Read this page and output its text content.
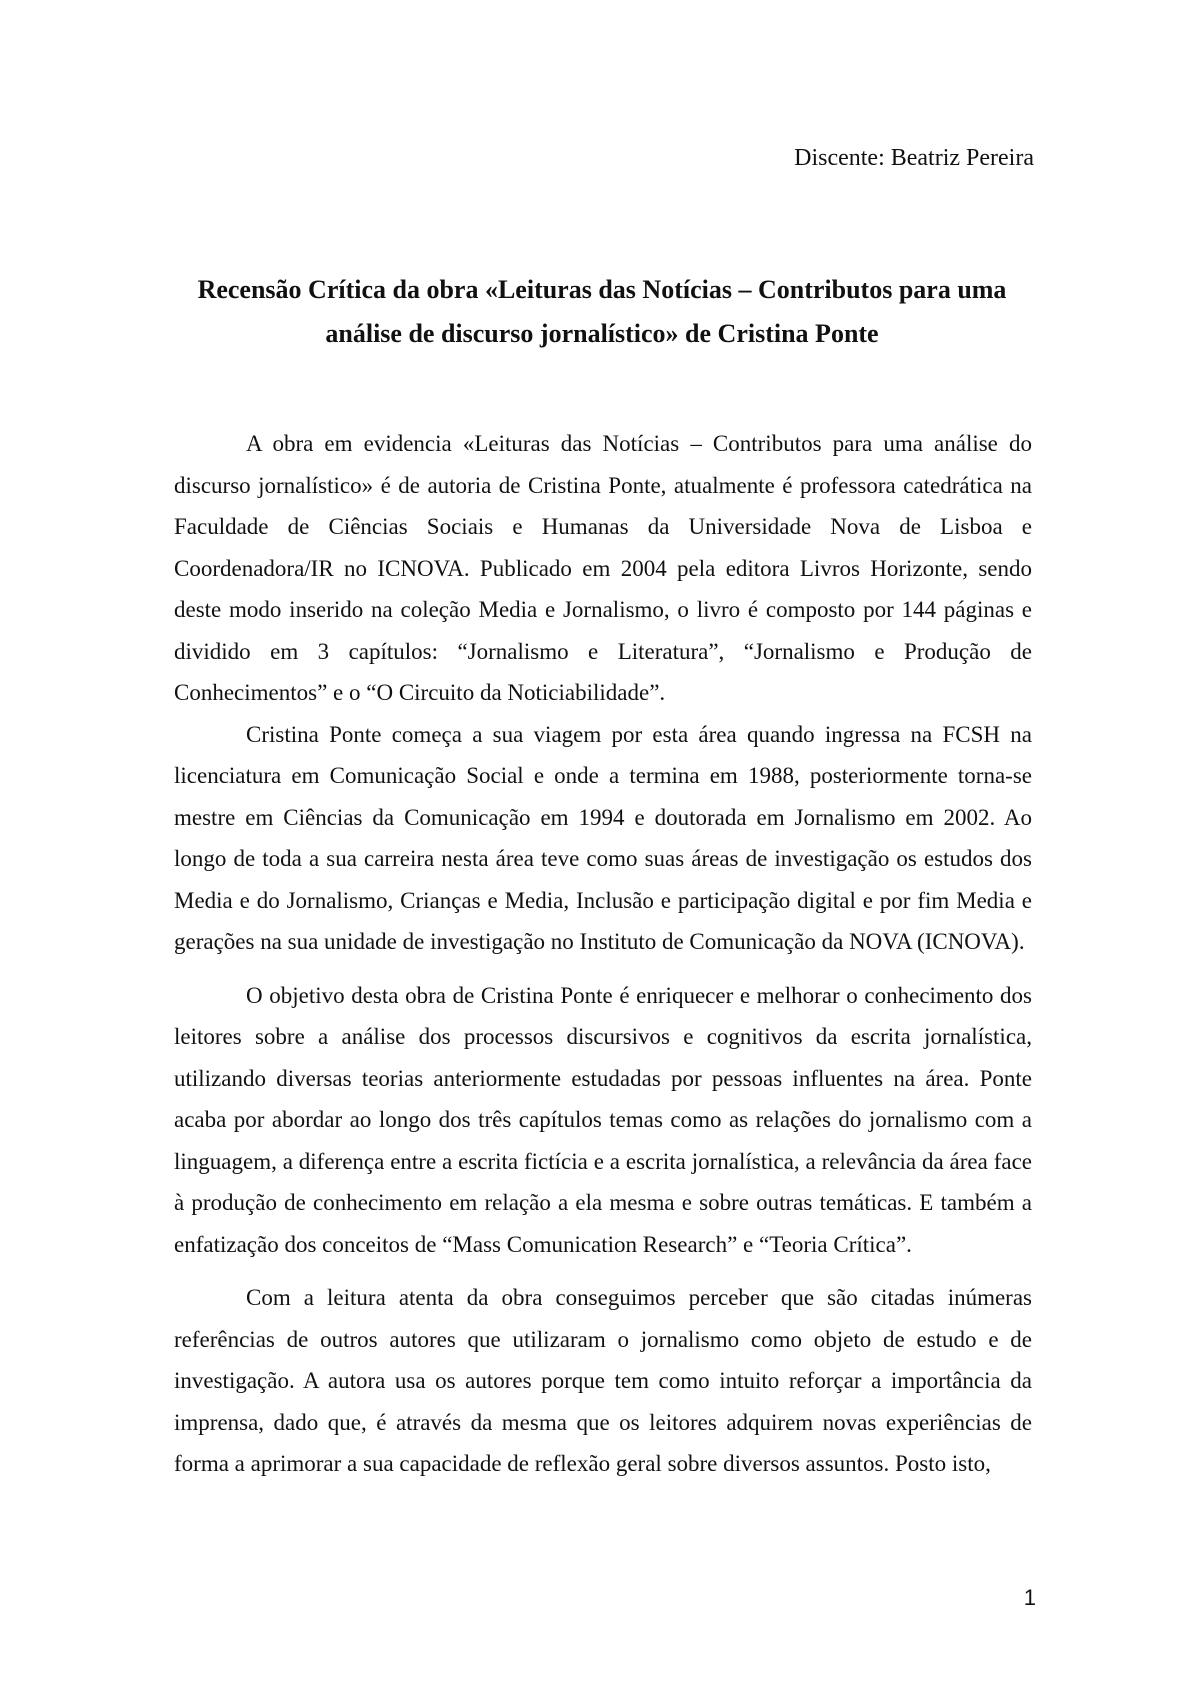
Discente: Beatriz Pereira
Recensão Crítica da obra «Leituras das Notícias – Contributos para uma análise de discurso jornalístico» de Cristina Ponte

A obra em evidencia «Leituras das Notícias – Contributos para uma análise do discurso jornalístico» é de autoria de Cristina Ponte, atualmente é professora catedrática na Faculdade de Ciências Sociais e Humanas da Universidade Nova de Lisboa e Coordenadora/IR no ICNOVA. Publicado em 2004 pela editora Livros Horizonte, sendo deste modo inserido na coleção Media e Jornalismo, o livro é composto por 144 páginas e dividido em 3 capítulos: “Jornalismo e Literatura”, “Jornalismo e Produção de Conhecimentos” e o “O Circuito da Noticiabilidade”.

Cristina Ponte começa a sua viagem por esta área quando ingressa na FCSH na licenciatura em Comunicação Social e onde a termina em 1988, posteriormente torna-se mestre em Ciências da Comunicação em 1994 e doutorada em Jornalismo em 2002. Ao longo de toda a sua carreira nesta área teve como suas áreas de investigação os estudos dos Media e do Jornalismo, Crianças e Media, Inclusão e participação digital e por fim Media e gerações na sua unidade de investigação no Instituto de Comunicação da NOVA (ICNOVA).

O objetivo desta obra de Cristina Ponte é enriquecer e melhorar o conhecimento dos leitores sobre a análise dos processos discursivos e cognitivos da escrita jornalística, utilizando diversas teorias anteriormente estudadas por pessoas influentes na área. Ponte acaba por abordar ao longo dos três capítulos temas como as relações do jornalismo com a linguagem, a diferença entre a escrita fictícia e a escrita jornalística, a relevância da área face à produção de conhecimento em relação a ela mesma e sobre outras temáticas. E também a enfatização dos conceitos de “Mass Comunication Research” e “Teoria Crítica”.

Com a leitura atenta da obra conseguimos perceber que são citadas inúmeras referências de outros autores que utilizaram o jornalismo como objeto de estudo e de investigação. A autora usa os autores porque tem como intuito reforçar a importância da imprensa, dado que, é através da mesma que os leitores adquirem novas experiências de forma a aprimorar a sua capacidade de reflexão geral sobre diversos assuntos. Posto isto,

1
